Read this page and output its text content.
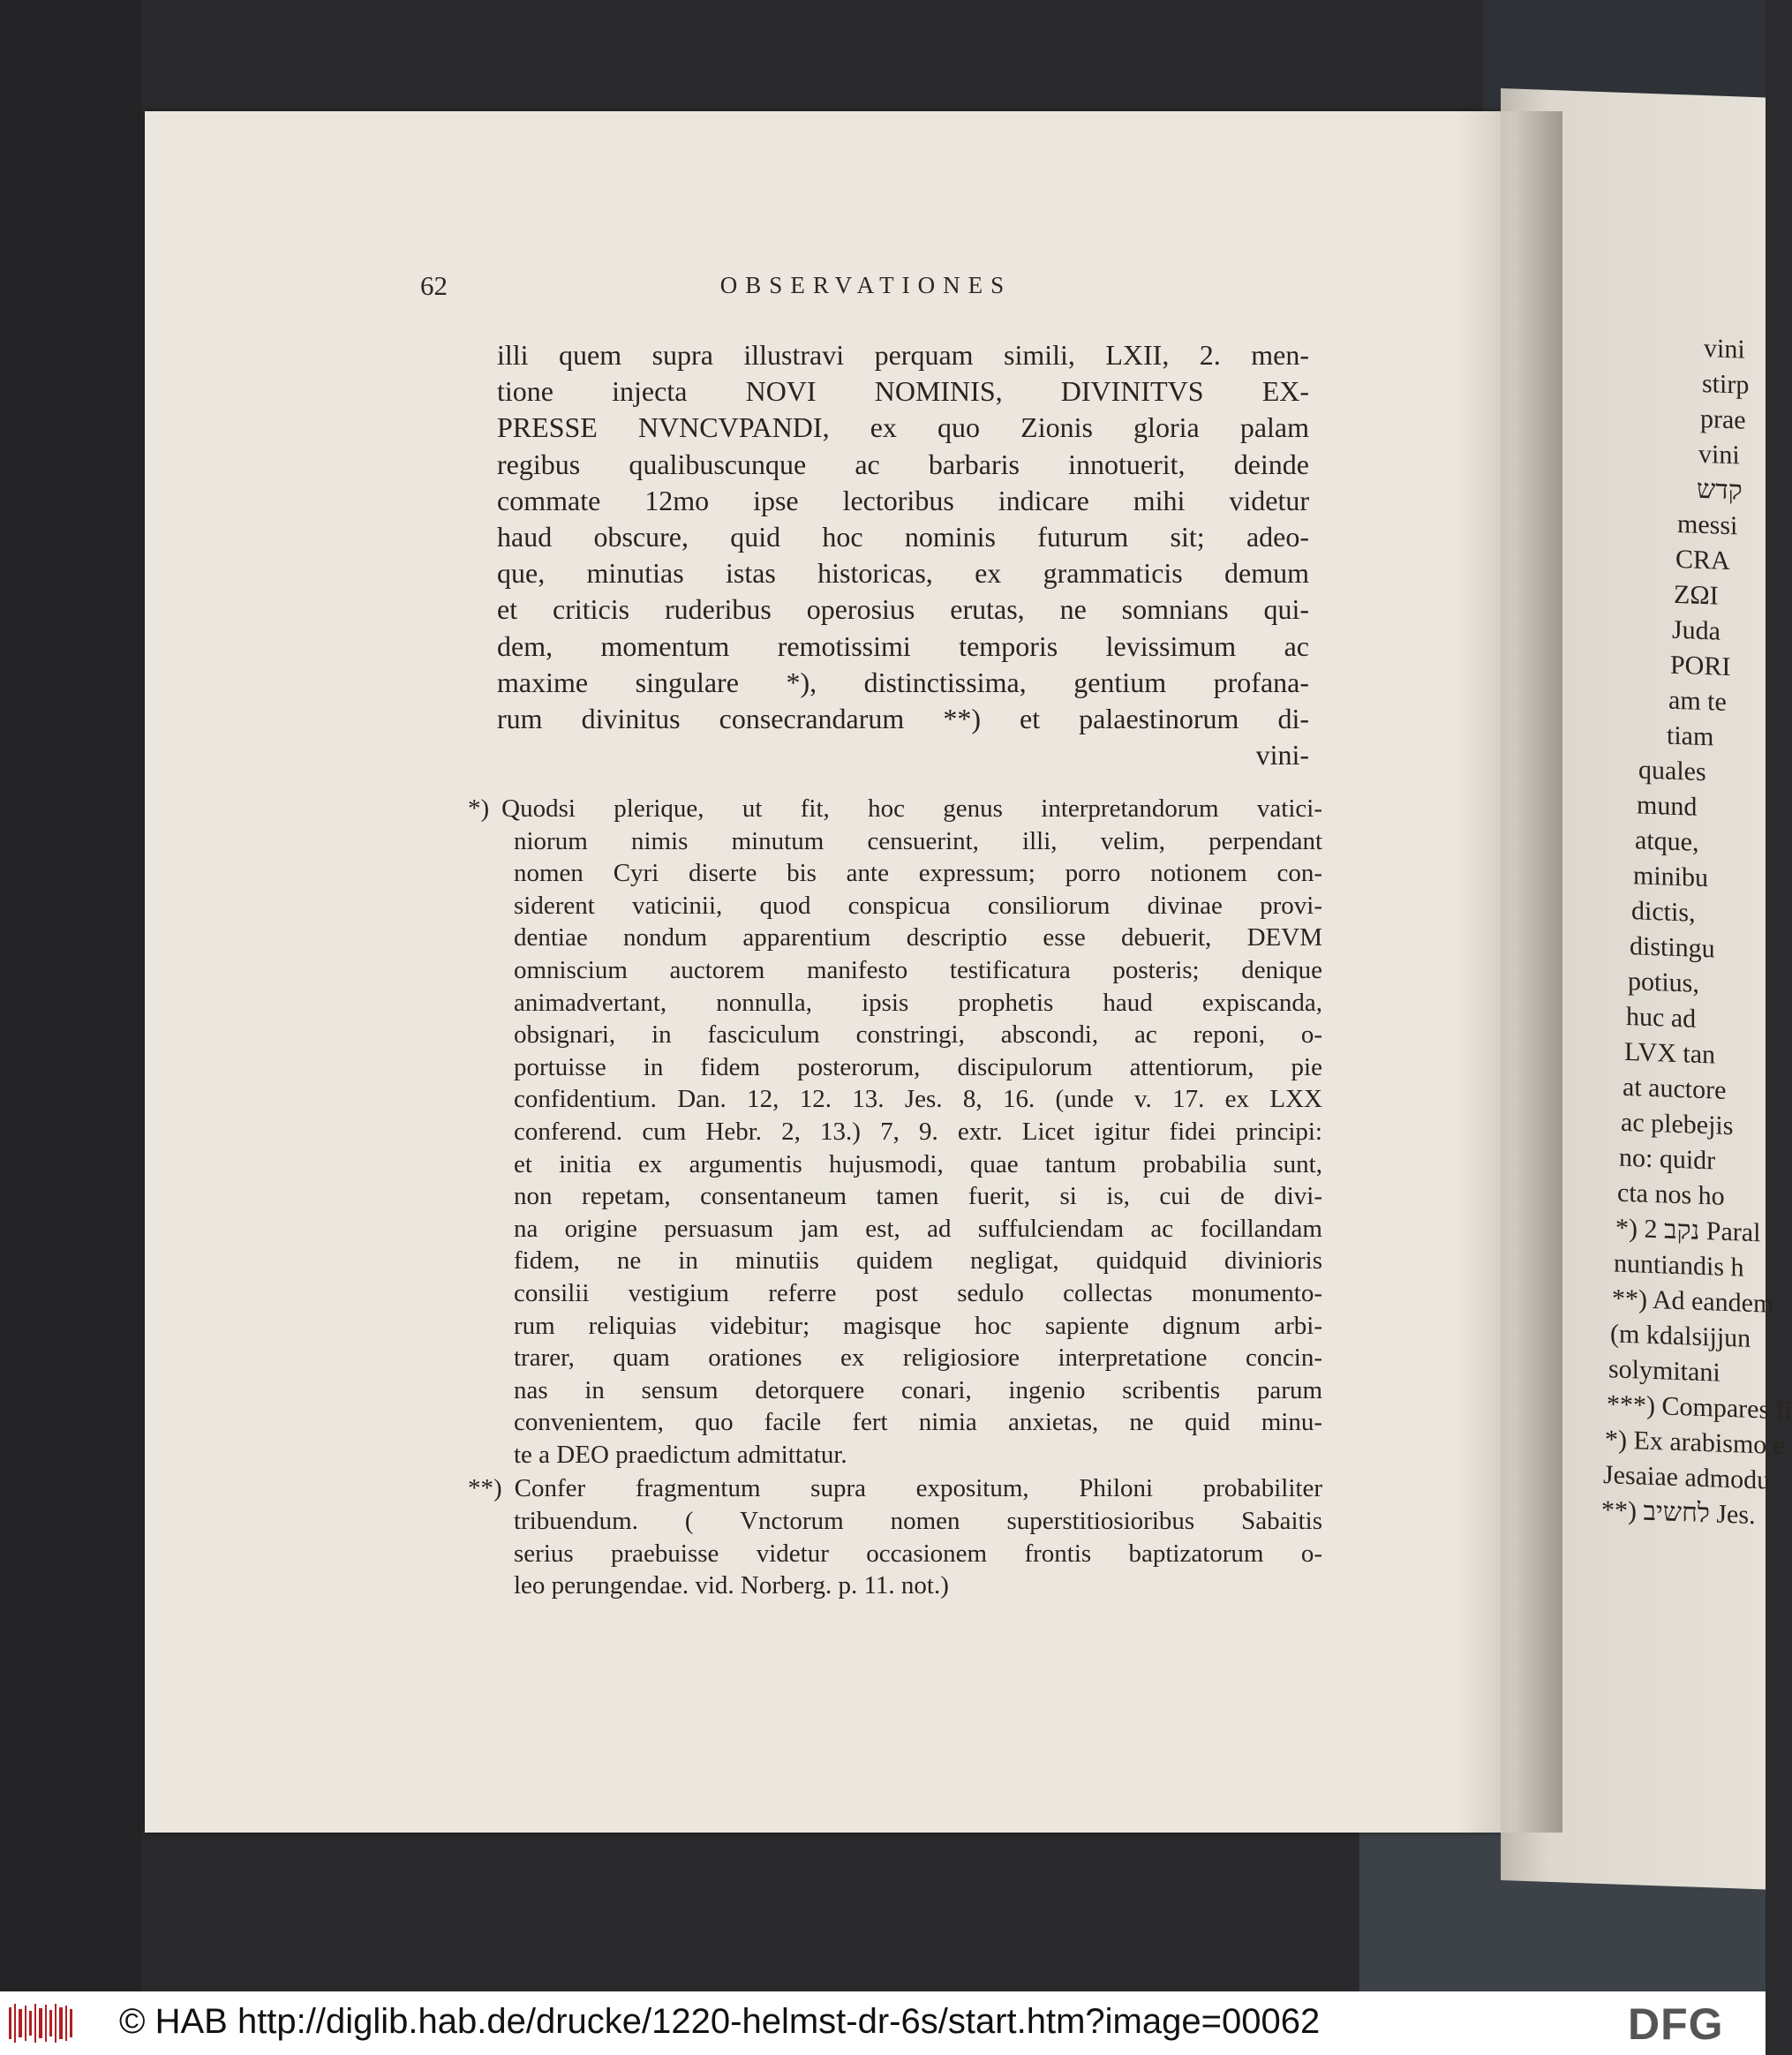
vini
stirp
prae
vini
קדש
messi
CRA
ΖΩΙ
Juda
PORI
am te
tiam
quales
mund
atque,
minibu
dictis,
distingu
potius,
huc ad
LVX tan
at auctore
ac plebejis
no: quidr
cta nos ho
*) נקב 2 Paral
nuntiandis h
**) Ad eandem
(m kdalsijjun
solymitani
***) Compares fi
*) Ex arabismo e
Jesaiae admodu
**) לחשיב Jes.
62	OBSERVATIONES
illi quem supra illustravi perquam simili, LXII, 2. men-
tione injecta NOVI NOMINIS, DIVINITVS EX-
PRESSE NVNCVPANDI, ex quo Zionis gloria palam
regibus qualibuscunque ac barbaris innotuerit, deinde
commate 12mo ipse lectoribus indicare mihi videtur
haud obscure, quid hoc nominis futurum sit; adeo-
que, minutias istas historicas, ex grammaticis demum
et criticis ruderibus operosius erutas, ne somnians qui-
dem, momentum remotissimi temporis levissimum ac
maxime singulare *), distinctissima, gentium profana-
rum divinitus consecrandarum **) et palaestinorum di-
vini-
*) Quodsi plerique, ut fit, hoc genus interpretandorum vatici-
niorum nimis minutum censuerint, illi, velim, perpendant
nomen Cyri diserte bis ante expressum; porro notionem con-
siderent vaticinii, quod conspicua consiliorum divinae provi-
dentiae nondum apparentium descriptio esse debuerit, DEVM
omniscium auctorem manifesto testificatura posteris; denique
animadvertant, nonnulla, ipsis prophetis haud expiscanda,
obsignari, in fasciculum constringi, abscondi, ac reponi, o-
portuisse in fidem posterorum, discipulorum attentiorum, pie
confidentium. Dan. 12, 12. 13. Jes. 8, 16. (unde v. 17. ex LXX
conferend. cum Hebr. 2, 13.) 7, 9. extr. Licet igitur fidei principi:
et initia ex argumentis hujusmodi, quae tantum probabilia sunt,
non repetam, consentaneum tamen fuerit, si is, cui de divi-
na origine persuasum jam est, ad suffulciendam ac focillandam
fidem, ne in minutiis quidem negligat, quidquid divinioris
consilii vestigium referre post sedulo collectas monumento-
rum reliquias videbitur; magisque hoc sapiente dignum arbi-
trarer, quam orationes ex religiosiore interpretatione concin-
nas in sensum detorquere conari, ingenio scribentis parum
convenientem, quo facile fert nimia anxietas, ne quid minu-
te a DEO praedictum admittatur.
**) Confer fragmentum supra expositum, Philoni probabiliter
tribuendum. ( Vnctorum nomen superstitiosioribus Sabaitis
serius praebuisse videtur occasionem frontis baptizatorum o-
leo perungendae. vid. Norberg. p. 11. not.)
© HAB http://diglib.hab.de/drucke/1220-helmst-dr-6s/start.htm?image=00062	DFG
